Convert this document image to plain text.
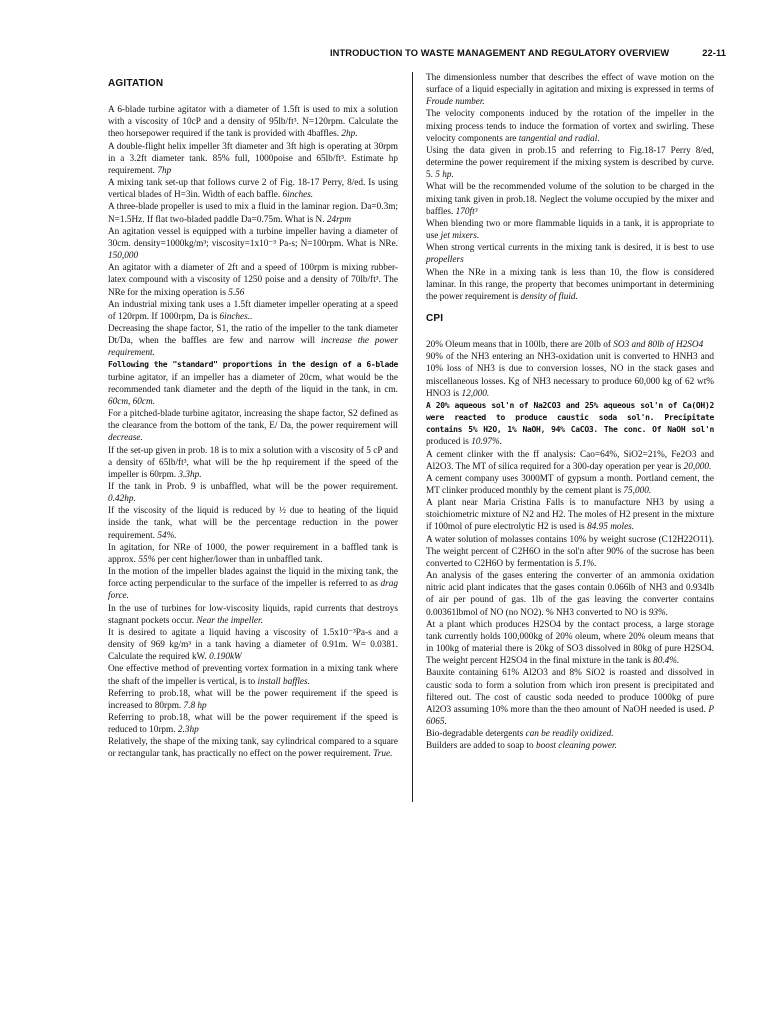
INTRODUCTION TO WASTE MANAGEMENT AND REGULATORY OVERVIEW	22-11
AGITATION

A 6-blade turbine agitator with a diameter of 1.5ft is used to mix a solution with a viscosity of 10cP and a density of 95lb/ft³. N=120rpm. Calculate the theo horsepower required if the tank is provided with 4baffles. 2hp.

A double-flight helix impeller 3ft diameter and 3ft high is operating at 30rpm in a 3.2ft diameter tank. 85% full, 1000poise and 65lb/ft³. Estimate hp requirement. 7hp

A mixing tank set-up that follows curve 2 of Fig. 18-17 Perry, 8/ed. Is using vertical blades of H=3in. Width of each baffle. 6inches.

A three-blade propeller is used to mix a fluid in the laminar region. Da=0.3m; N=1.5Hz. If flat two-bladed paddle Da=0.75m. What is N. 24rpm

An agitation vessel is equipped with a turbine impeller having a diameter of 30cm. density=1000kg/m³; viscosity=1x10⁻³ Pa-s; N=100rpm. What is NRe. 150,000

An agitator with a diameter of 2ft and a speed of 100rpm is mixing rubber-latex compound with a viscosity of 1250 poise and a density of 70lb/ft³. The NRe for the mixing operation is 5.56

An industrial mixing tank uses a 1.5ft diameter impeller operating at a speed of 120rpm. If 1000rpm, Da is 6inches..

Decreasing the shape factor, S1, the ratio of the impeller to the tank diameter Dt/Da, when the baffles are few and narrow will increase the power requirement.

Following the "standard" proportions in the design of a 6-blade turbine agitator, if an impeller has a diameter of 20cm, what would be the recommended tank diameter and the depth of the liquid in the tank, in cm. 60cm, 60cm.

For a pitched-blade turbine agitator, increasing the shape factor, S2 defined as the clearance from the bottom of the tank, E/ Da, the power requirement will decrease.

If the set-up given in prob. 18 is to mix a solution with a viscosity of 5 cP and a density of 65lb/ft³, what will be the hp requirement if the speed of the impeller is 60rpm. 3.3hp.

If the tank in Prob. 9 is unbaffled, what will be the power requirement. 0.42hp.

If the viscosity of the liquid is reduced by ½ due to heating of the liquid inside the tank, what will be the percentage reduction in the power requirement. 54%.

In agitation, for NRe of 1000, the power requirement in a baffled tank is approx. 55% per cent higher/lower than in unbaffled tank.

In the motion of the impeller blades against the liquid in the mixing tank, the force acting perpendicular to the surface of the impeller is referred to as drag force.

In the use of turbines for low-viscosity liquids, rapid currents that destroys stagnant pockets occur. Near the impeller.

It is desired to agitate a liquid having a viscosity of 1.5x10⁻³Pa-s and a density of 969 kg/m³ in a tank having a diameter of 0.91m. W= 0.0381. Calculate the required kW. 0.190kW

One effective method of preventing vortex formation in a mixing tank where the shaft of the impeller is vertical, is to install baffles.

Referring to prob.18, what will be the power requirement if the speed is increased to 80rpm. 7.8 hp

Referring to prob.18, what will be the power requirement if the speed is reduced to 10rpm. 2.3hp

Relatively, the shape of the mixing tank, say cylindrical compared to a square or rectangular tank, has practically no effect on the power requirement. True.

The dimensionless number that describes the effect of wave motion on the surface of a liquid especially in agitation and mixing is expressed in terms of Froude number.

The velocity components induced by the rotation of the impeller in the mixing process tends to induce the formation of vortex and swirling. These velocity components are tangential and radial.

Using the data given in prob.15 and referring to Fig.18-17 Perry 8/ed, determine the power requirement if the mixing system is described by curve. 5. 5 hp.

What will be the recommended volume of the solution to be charged in the mixing tank given in prob.18. Neglect the volume occupied by the mixer and baffles. 170ft³

When blending two or more flammable liquids in a tank, it is appropriate to use jet mixers.

When strong vertical currents in the mixing tank is desired, it is best to use propellers

When the NRe in a mixing tank is less than 10, the flow is considered laminar. In this range, the property that becomes unimportant in determining the power requirement is density of fluid.

CPI

20% Oleum means that in 100lb, there are 20lb of SO3 and 80lb of H2SO4

90% of the NH3 entering an NH3-oxidation unit is converted to HNH3 and 10% loss of NH3 is due to conversion losses, NO in the stack gases and miscellaneous losses. Kg of NH3 necessary to produce 60,000 kg of 62 wt% HNO3 is 12,000.

A 20% aqueous sol'n of Na2CO3 and 25% aqueous sol'n of Ca(OH)2 were reacted to produce caustic soda sol'n. Precipitate contains 5% H2O, 1% NaOH, 94% CaCO3. The conc. Of NaOH sol'n produced is 10.97%.

A cement clinker with the ff analysis: Cao=64%, SiO2=21%, Fe2O3 and Al2O3. The MT of silica required for a 300-day operation per year is 20,000.

A cement company uses 3000MT of gypsum a month. Portland cement, the MT clinker produced monthly by the cement plant is 75,000.

A plant near Maria Cristina Falls is to manufacture NH3 by using a stoichiometric mixture of N2 and H2. The moles of H2 present in the mixture if 100mol of pure electrolytic H2 is used is 84.95 moles.

A water solution of molasses contains 10% by weight sucrose (C12H22O11). The weight percent of C2H6O in the sol'n after 90% of the sucrose has been converted to C2H6O by fermentation is 5.1%.

An analysis of the gases entering the converter of an ammonia oxidation nitric acid plant indicates that the gases contain 0.066lb of NH3 and 0.934lb of air per pound of gas. 1lb of the gas leaving the converter contains 0.00361lbmol of NO (no NO2). % NH3 converted to NO is 93%.

At a plant which produces H2SO4 by the contact process, a large storage tank currently holds 100,000kg of 20% oleum, where 20% oleum means that in 100kg of material there is 20kg of SO3 dissolved in 80kg of pure H2SO4. The weight percent H2SO4 in the final mixture in the tank is 80.4%.

Bauxite containing 61% Al2O3 and 8% SiO2 is roasted and dissolved in caustic soda to form a solution from which iron present is precipitated and filtered out. The cost of caustic soda needed to produce 1000kg of pure Al2O3 assuming 10% more than the theo amount of NaOH needed is used. P 6065.

Bio-degradable detergents can be readily oxidized.

Builders are added to soap to boost cleaning power.
